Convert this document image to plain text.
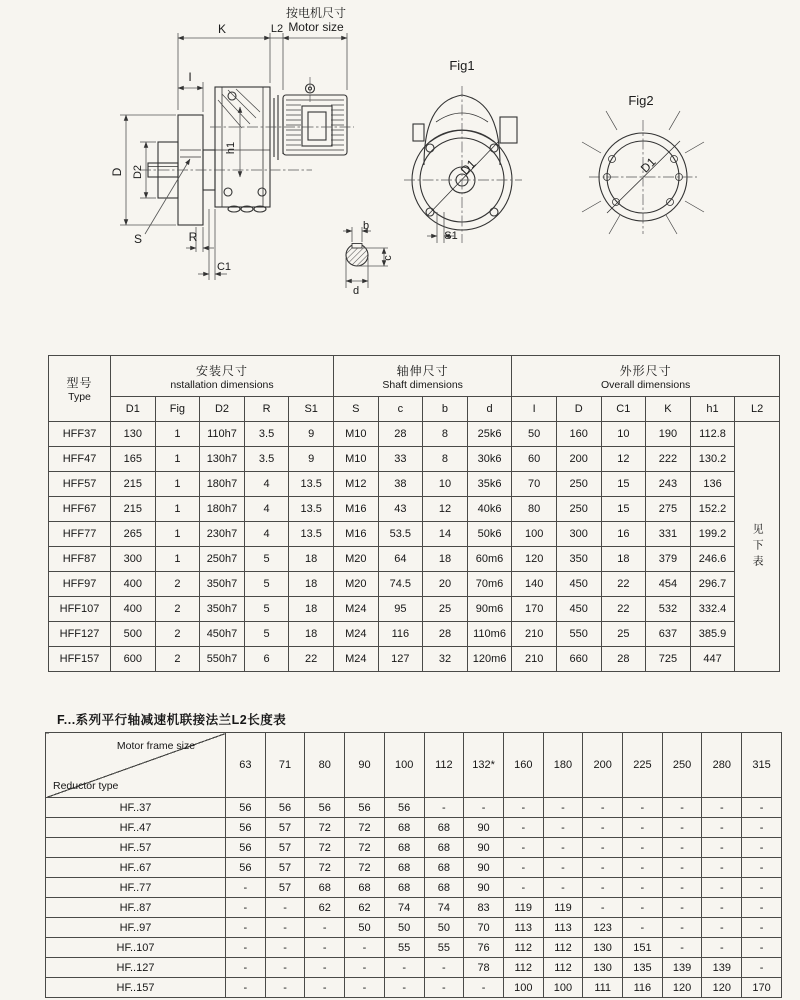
K	L2
按电机尺寸
Motor size
I
D D2
S	R
C1
h1
b
c
d
Fig1
D1
S1
Fig2
D1
型号
Type

安装尺寸
nstallation dimensions

轴伸尺寸
Shaft dimensions

外形尺寸
Overall dimensions

	D1	Fig	D2	R	S1	S	c	b	d	I	D	C1	K	h1	L2
HFF37	130	1	110h7	3.5	9	M10	28	8	25k6	50	160	10	190	112.8	见下表
HFF47	165	1	130h7	3.5	9	M10	33	8	30k6	60	200	12	222	130.2	
HFF57	215	1	180h7	4	13.5	M12	38	10	35k6	70	250	15	243	136	
HFF67	215	1	180h7	4	13.5	M16	43	12	40k6	80	250	15	275	152.2	
HFF77	265	1	230h7	4	13.5	M16	53.5	14	50k6	100	300	16	331	199.2	
HFF87	300	1	250h7	5	18	M20	64	18	60m6	120	350	18	379	246.6	
HFF97	400	2	350h7	5	18	M20	74.5	20	70m6	140	450	22	454	296.7	
HFF107	400	2	350h7	5	18	M24	95	25	90m6	170	450	22	532	332.4	
HFF127	500	2	450h7	5	18	M24	116	28	110m6	210	550	25	637	385.9	
HFF157	600	2	550h7	6	22	M24	127	32	120m6	210	660	28	725	447	
F...系列平行轴减速机联接法兰L2长度表
Motor frame size
Reductor type	63	71	80	90	100	112	132*	160	180	200	225	250	280	315
HF..37	56	56	56	56	56	-	-	-	-	-	-	-	-	-
HF..47	56	57	72	72	68	68	90	-	-	-	-	-	-	-
HF..57	56	57	72	72	68	68	90	-	-	-	-	-	-	-
HF..67	56	57	72	72	68	68	90	-	-	-	-	-	-	-
HF..77	-	57	68	68	68	68	90	-	-	-	-	-	-	-
HF..87	-	-	62	62	74	74	83	119	119	-	-	-	-	-
HF..97	-	-	-	50	50	50	70	113	113	123	-	-	-	-
HF..107	-	-	-	-	55	55	76	112	112	130	151	-	-	-
HF..127	-	-	-	-	-	-	78	112	112	130	135	139	139	-
HF..157	-	-	-	-	-	-	-	100	100	111	116	120	120	170
